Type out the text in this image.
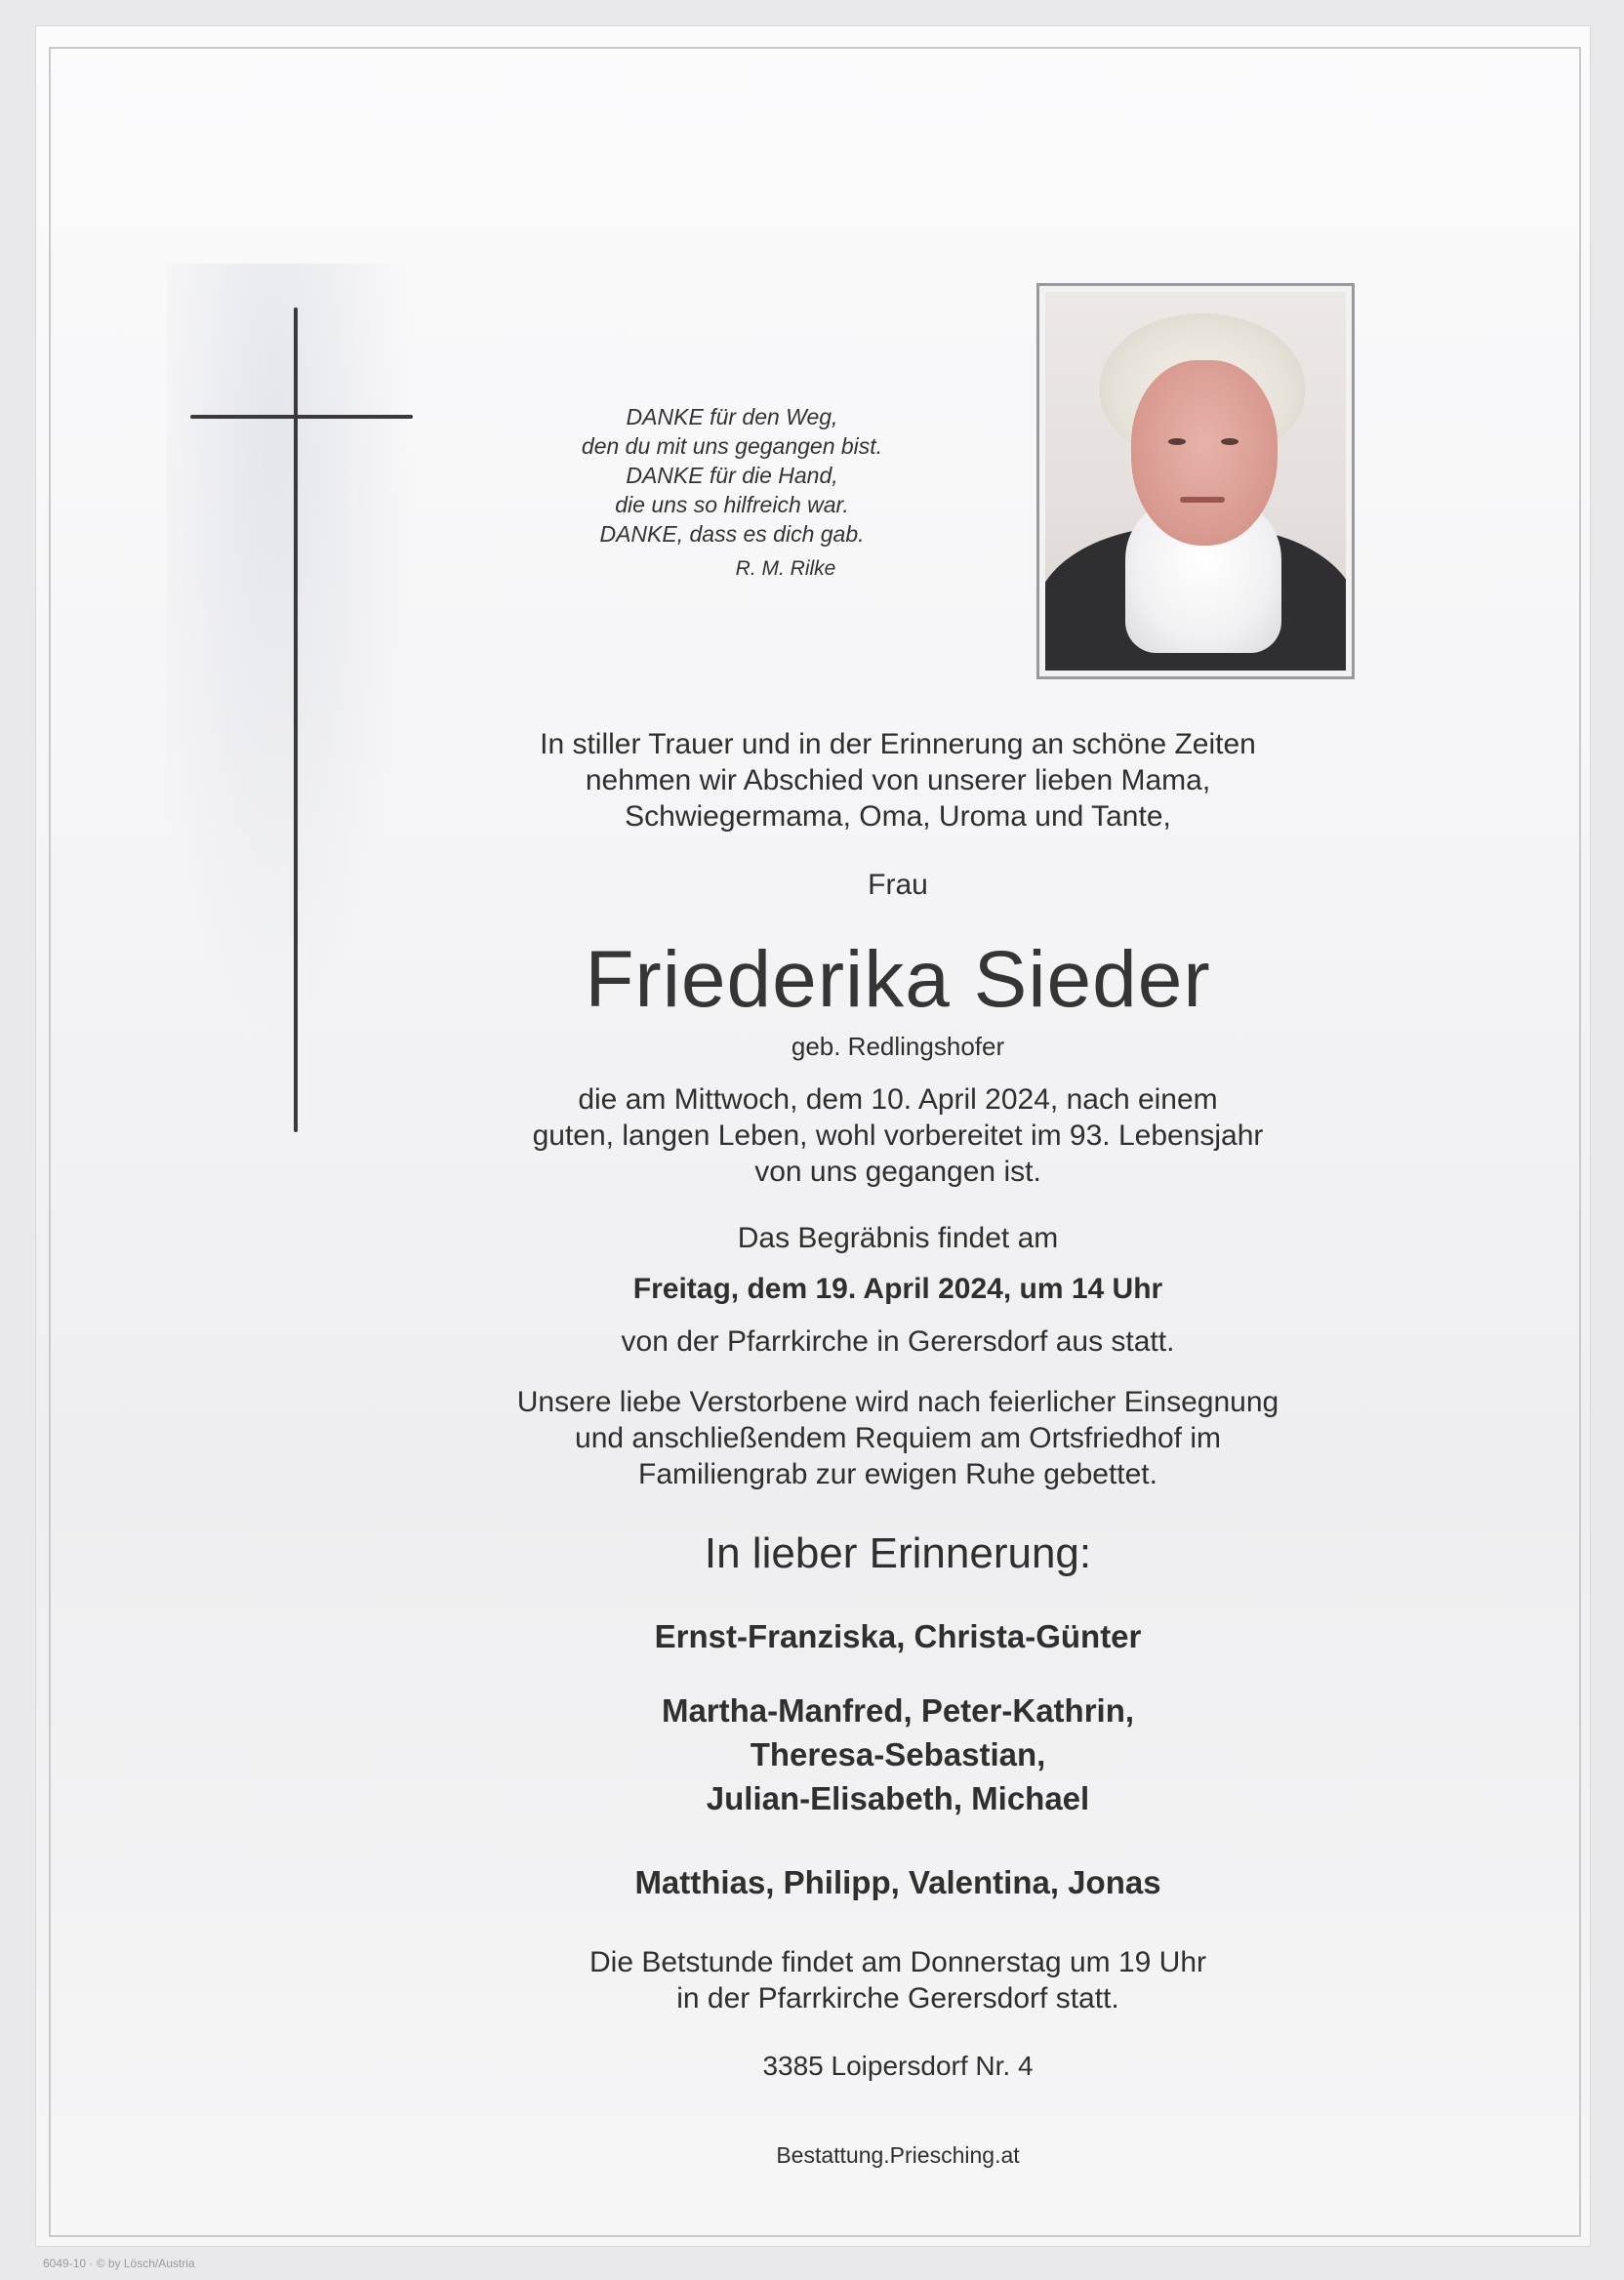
DANKE für den Weg,
den du mit uns gegangen bist.
DANKE für die Hand,
die uns so hilfreich war.
DANKE, dass es dich gab.
R. M. Rilke
In stiller Trauer und in der Erinnerung an schöne Zeiten
nehmen wir Abschied von unserer lieben Mama,
Schwiegermama, Oma, Uroma und Tante,
Frau
Friederika Sieder
geb. Redlingshofer
die am Mittwoch, dem 10. April 2024, nach einem
guten, langen Leben, wohl vorbereitet im 93. Lebensjahr
von uns gegangen ist.
Das Begräbnis findet am
Freitag, dem 19. April 2024, um 14 Uhr
von der Pfarrkirche in Gerersdorf aus statt.
Unsere liebe Verstorbene wird nach feierlicher Einsegnung
und anschließendem Requiem am Ortsfriedhof im
Familiengrab zur ewigen Ruhe gebettet.
In lieber Erinnerung:
Ernst-Franziska, Christa-Günter
Martha-Manfred, Peter-Kathrin,
Theresa-Sebastian,
Julian-Elisabeth, Michael
Matthias, Philipp, Valentina, Jonas
Die Betstunde findet am Donnerstag um 19 Uhr
in der Pfarrkirche Gerersdorf statt.
3385 Loipersdorf Nr. 4
Bestattung.Priesching.at
6049-10 · © by Lösch/Austria
